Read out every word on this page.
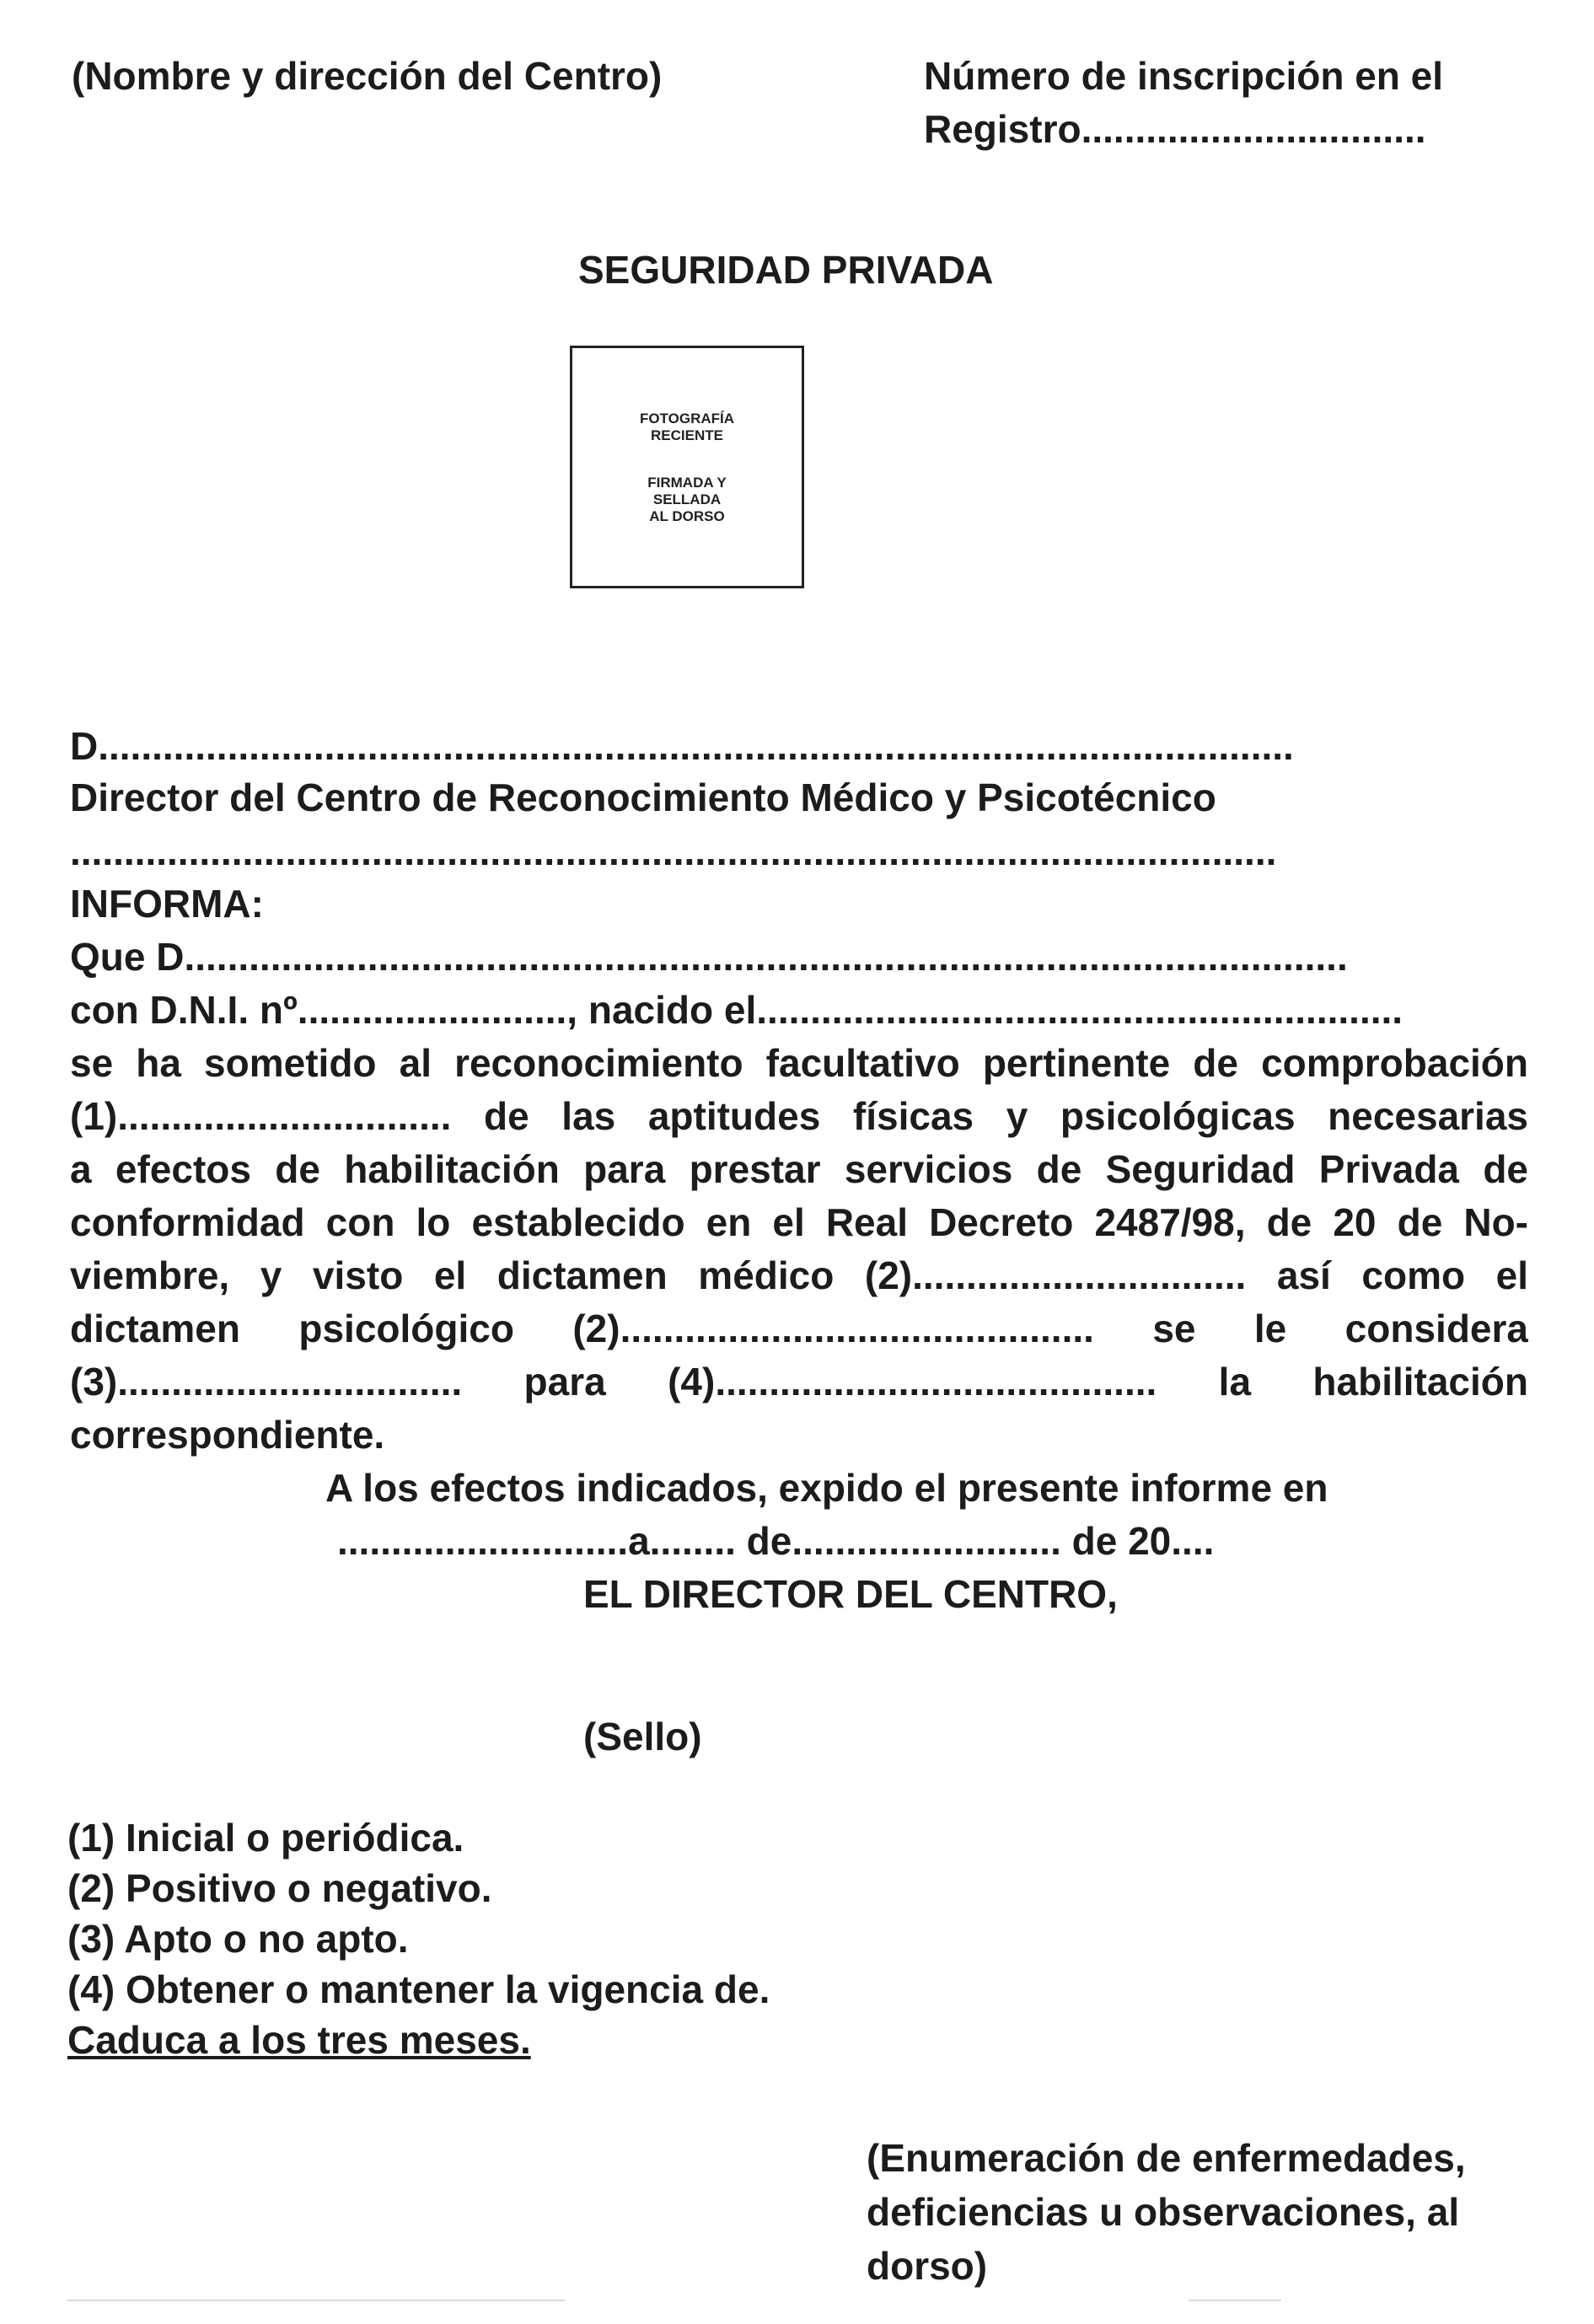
(Nombre y dirección del Centro)	Número de inscripción en el
Registro................................
SEGURIDAD PRIVADA
FOTOGRAFÍA
RECIENTE
FIRMADA Y
SELLADA
AL DORSO
D...............................................................................................................
Director del Centro de Reconocimiento Médico y Psicotécnico
................................................................................................................
INFORMA:
Que D............................................................................................................
con D.N.I. nº........................., nacido el............................................................
se ha sometido al reconocimiento facultativo pertinente de comprobación
(1)............................... de las aptitudes físicas y psicológicas necesarias
a efectos de habilitación para prestar servicios de Seguridad Privada de
conformidad con lo establecido en el Real Decreto 2487/98, de 20 de No-
viembre, y visto el dictamen médico (2)............................... así como el
dictamen psicológico (2)............................................ se le considera
(3)................................ para (4)......................................... la habilitación
correspondiente.
A los efectos indicados, expido el presente informe en
...........................a........ de......................... de 20....
EL DIRECTOR DEL CENTRO,
(Sello)
(1) Inicial o periódica.
(2) Positivo o negativo.
(3) Apto o no apto.
(4) Obtener o mantener la vigencia de.
Caduca a los tres meses.
(Enumeración de enfermedades,
deficiencias u observaciones, al
dorso)
